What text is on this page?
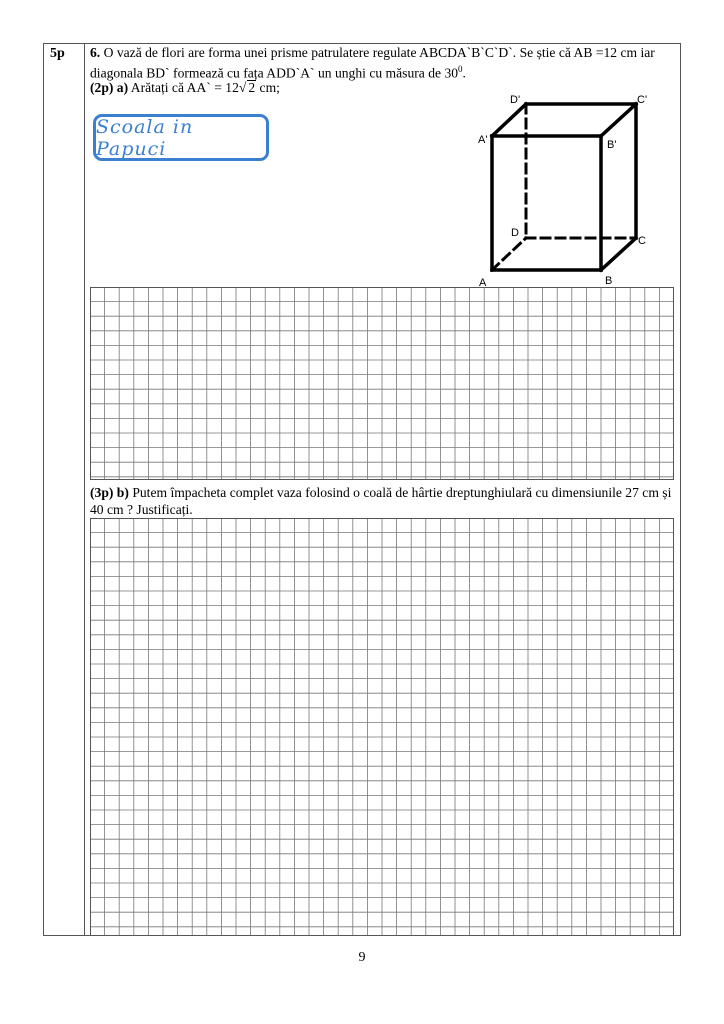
5p 6. O vază de flori are forma unei prisme patrulatere regulate ABCDA`B`C`D`. Se știe că AB =12 cm iar diagonala BD` formează cu fața ADD`A` un unghi cu măsura de $30^0$.
(2p) a) Arătați că AA` = 12√ 2 cm;
Scoala in Papuci
D'	C'
A'	B'
D
C
A	B
(3p) b) Putem împacheta complet vaza folosind o coală de hârtie dreptunghiulară cu dimensiunile 27 cm și 40 cm ? Justificați.
9
